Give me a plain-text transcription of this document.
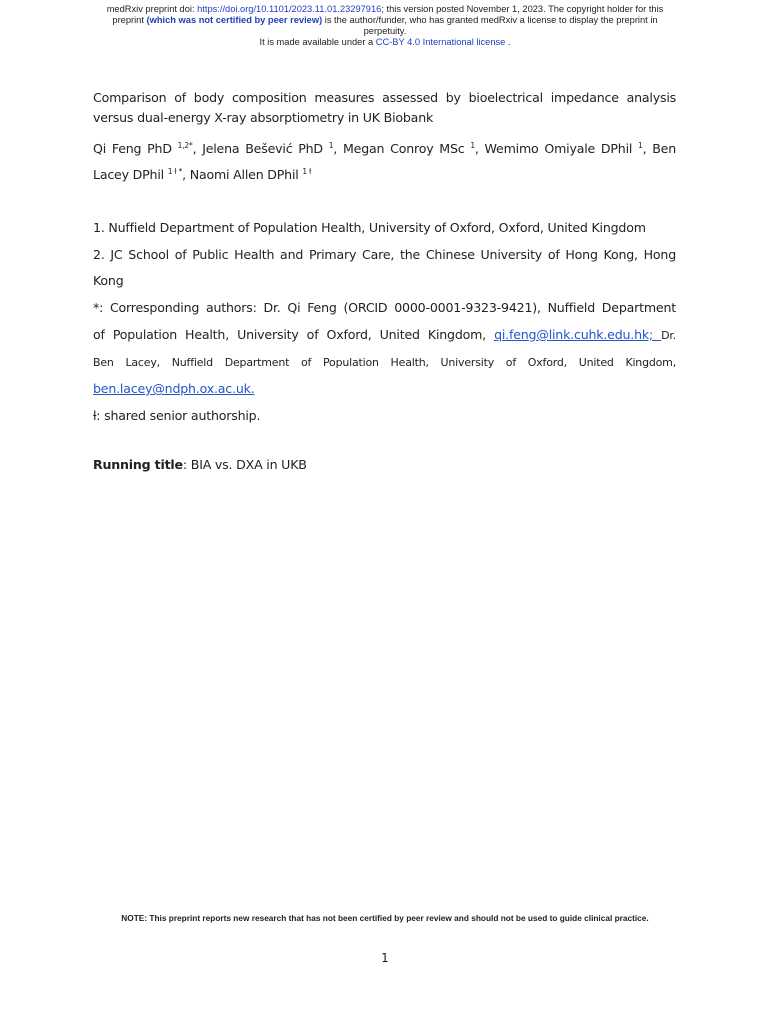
medRxiv preprint doi: https://doi.org/10.1101/2023.11.01.23297916; this version posted November 1, 2023. The copyright holder for this
preprint (which was not certified by peer review) is the author/funder, who has granted medRxiv a license to display the preprint in
perpetuity.
It is made available under a CC-BY 4.0 International license .
Comparison of body composition measures assessed by bioelectrical impedance analysis
versus dual-energy X-ray absorptiometry in UK Biobank
Qi Feng PhD $^{1,2*}$, Jelena Bešević PhD $^1$, Megan Conroy MSc $^1$, Wemimo Omiyale DPhil $^1$, Ben
Lacey DPhil $^{1 ƚ *}$, Naomi Allen DPhil $^{1 ƚ}$
1. Nuffield Department of Population Health, University of Oxford, Oxford, United Kingdom
2. JC School of Public Health and Primary Care, the Chinese University of Hong Kong, Hong
Kong
*: Corresponding authors: Dr. Qi Feng (ORCID 0000-0001-9323-9421), Nuffield Department
of Population Health, University of Oxford, United Kingdom, qi.feng@link.cuhk.edu.hk; Dr.
Ben Lacey, Nuffield Department of Population Health, University of Oxford, United Kingdom,
ben.lacey@ndph.ox.ac.uk.
ƚ: shared senior authorship.
Running title: BIA vs. DXA in UKB
NOTE: This preprint reports new research that has not been certified by peer review and should not be used to guide clinical practice.
1
